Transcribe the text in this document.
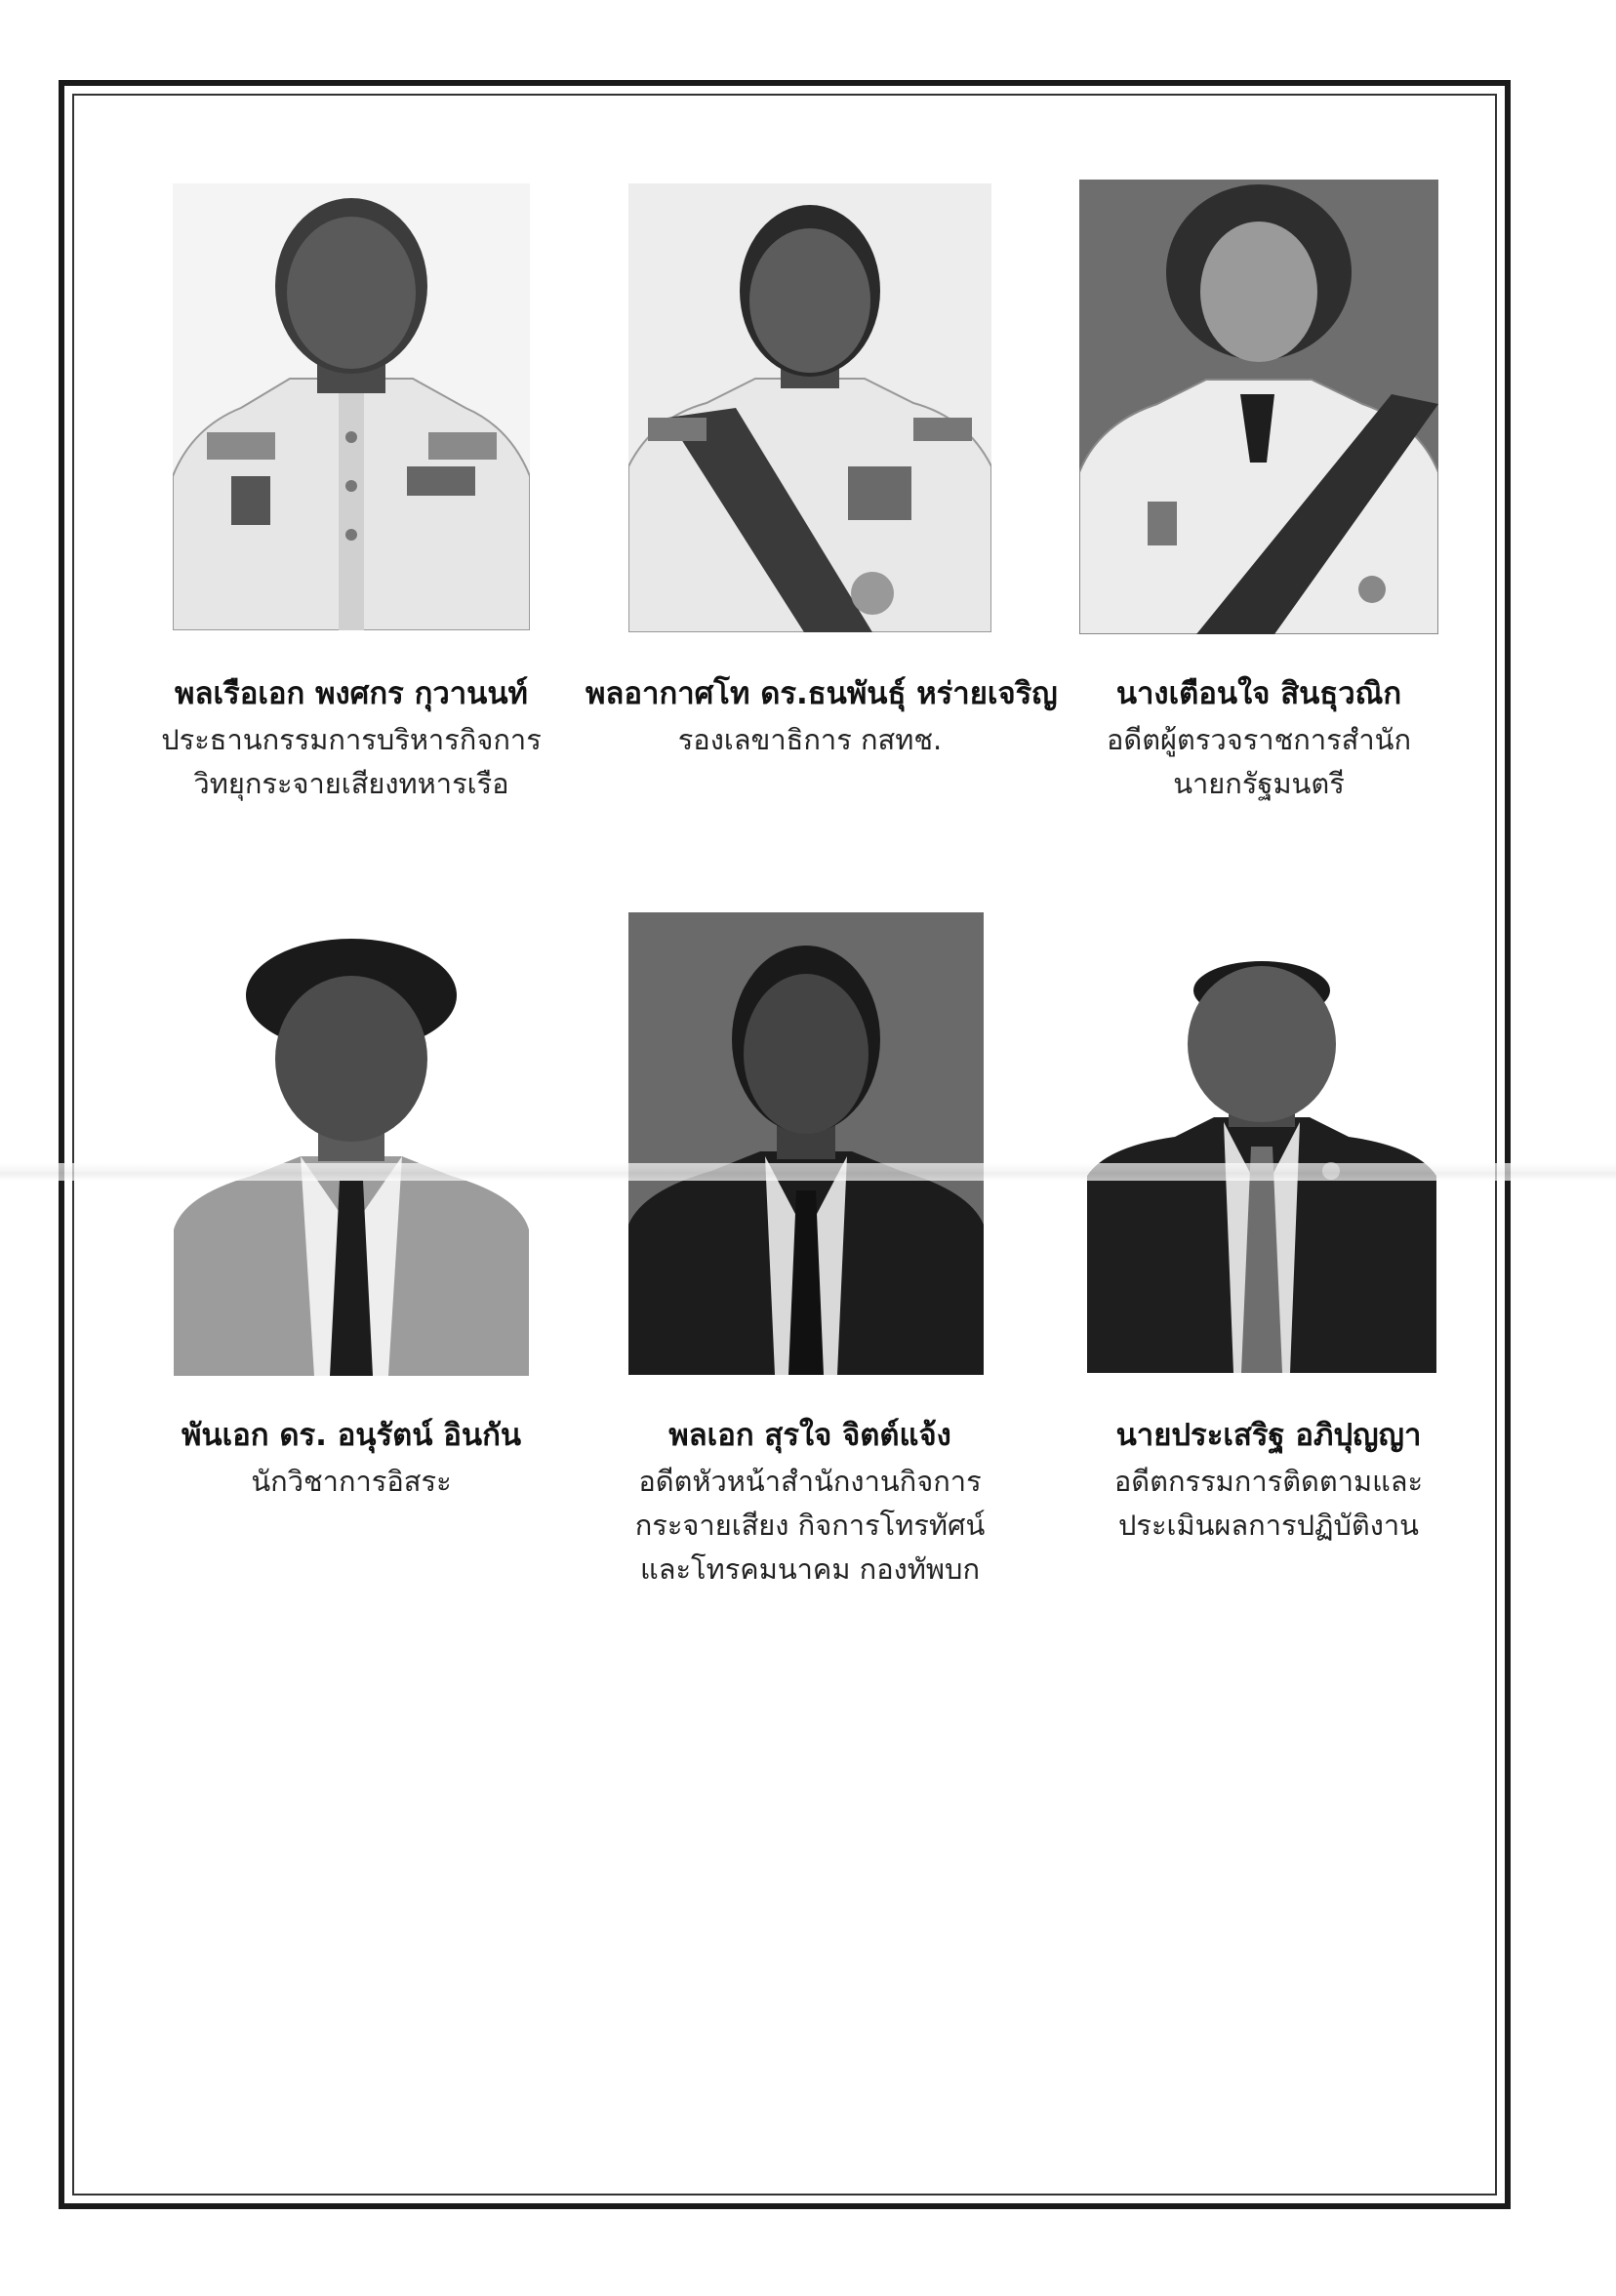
พลเรือเอก พงศกร กุวานนท์
ประธานกรรมการบริหารกิจการ
วิทยุกระจายเสียงทหารเรือ
พลอากาศโท ดร.ธนพันธุ์ หร่ายเจริญ
รองเลขาธิการ กสทช.
นางเตือนใจ สินธุวณิก
อดีตผู้ตรวจราชการสำนัก
นายกรัฐมนตรี
พันเอก ดร. อนุรัตน์ อินกัน
นักวิชาการอิสระ
พลเอก สุรใจ จิตต์แจ้ง
อดีตหัวหน้าสำนักงานกิจการ
กระจายเสียง กิจการโทรทัศน์
และโทรคมนาคม กองทัพบก
นายประเสริฐ อภิปุญญา
อดีตกรรมการติดตามและ
ประเมินผลการปฏิบัติงาน
